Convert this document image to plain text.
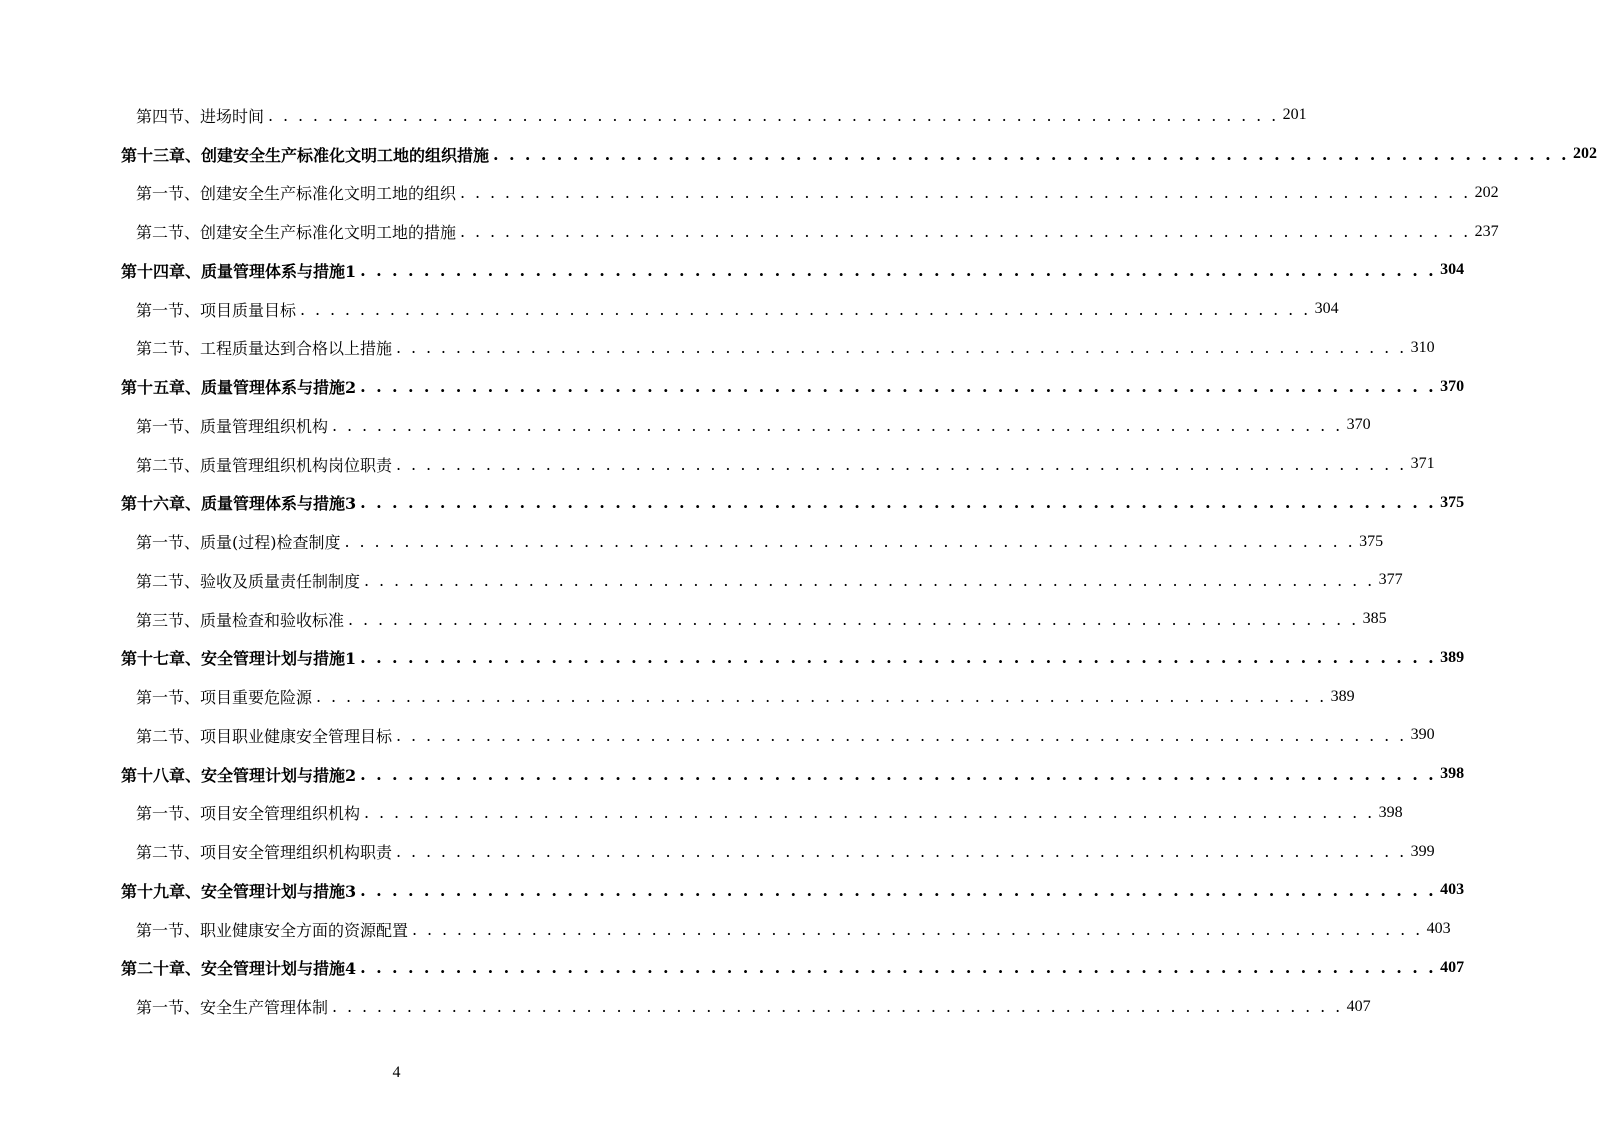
第四节、进场时间 . . . . . . . . . . . . . . . . . . . . . . . . . . . . . . . . . . . . . . . . . . . . . . . . . . . . . . . . . . . . . . . . . . . . 201
第十三章、创建安全生产标准化文明工地的组织措施 . . . . . . . . . . . . . . . . . . . . . . . . . . . . . . . . . . . . . . . . . . . . . . . . . . . . . . . . . . . . . . . . . . . . 202
第一节、创建安全生产标准化文明工地的组织 . . . . . . . . . . . . . . . . . . . . . . . . . . . . . . . . . . . . . . . . . . . . . . . . . . . . . . . . . . . . . . . . . . . . 202
第二节、创建安全生产标准化文明工地的措施 . . . . . . . . . . . . . . . . . . . . . . . . . . . . . . . . . . . . . . . . . . . . . . . . . . . . . . . . . . . . . . . . . . . . 237
第十四章、质量管理体系与措施1 . . . . . . . . . . . . . . . . . . . . . . . . . . . . . . . . . . . . . . . . . . . . . . . . . . . . . . . . . . . . . . . . . . . . 304
第一节、项目质量目标 . . . . . . . . . . . . . . . . . . . . . . . . . . . . . . . . . . . . . . . . . . . . . . . . . . . . . . . . . . . . . . . . . . . . 304
第二节、工程质量达到合格以上措施 . . . . . . . . . . . . . . . . . . . . . . . . . . . . . . . . . . . . . . . . . . . . . . . . . . . . . . . . . . . . . . . . . . . . 310
第十五章、质量管理体系与措施2 . . . . . . . . . . . . . . . . . . . . . . . . . . . . . . . . . . . . . . . . . . . . . . . . . . . . . . . . . . . . . . . . . . . . 370
第一节、质量管理组织机构 . . . . . . . . . . . . . . . . . . . . . . . . . . . . . . . . . . . . . . . . . . . . . . . . . . . . . . . . . . . . . . . . . . . . 370
第二节、质量管理组织机构岗位职责 . . . . . . . . . . . . . . . . . . . . . . . . . . . . . . . . . . . . . . . . . . . . . . . . . . . . . . . . . . . . . . . . . . . . 371
第十六章、质量管理体系与措施3 . . . . . . . . . . . . . . . . . . . . . . . . . . . . . . . . . . . . . . . . . . . . . . . . . . . . . . . . . . . . . . . . . . . . 375
第一节、质量(过程)检查制度 . . . . . . . . . . . . . . . . . . . . . . . . . . . . . . . . . . . . . . . . . . . . . . . . . . . . . . . . . . . . . . . . . . . . 375
第二节、验收及质量责任制制度 . . . . . . . . . . . . . . . . . . . . . . . . . . . . . . . . . . . . . . . . . . . . . . . . . . . . . . . . . . . . . . . . . . . . 377
第三节、质量检查和验收标准 . . . . . . . . . . . . . . . . . . . . . . . . . . . . . . . . . . . . . . . . . . . . . . . . . . . . . . . . . . . . . . . . . . . . 385
第十七章、安全管理计划与措施1 . . . . . . . . . . . . . . . . . . . . . . . . . . . . . . . . . . . . . . . . . . . . . . . . . . . . . . . . . . . . . . . . . . . . 389
第一节、项目重要危险源 . . . . . . . . . . . . . . . . . . . . . . . . . . . . . . . . . . . . . . . . . . . . . . . . . . . . . . . . . . . . . . . . . . . . 389
第二节、项目职业健康安全管理目标 . . . . . . . . . . . . . . . . . . . . . . . . . . . . . . . . . . . . . . . . . . . . . . . . . . . . . . . . . . . . . . . . . . . . 390
第十八章、安全管理计划与措施2 . . . . . . . . . . . . . . . . . . . . . . . . . . . . . . . . . . . . . . . . . . . . . . . . . . . . . . . . . . . . . . . . . . . . 398
第一节、项目安全管理组织机构 . . . . . . . . . . . . . . . . . . . . . . . . . . . . . . . . . . . . . . . . . . . . . . . . . . . . . . . . . . . . . . . . . . . . 398
第二节、项目安全管理组织机构职责 . . . . . . . . . . . . . . . . . . . . . . . . . . . . . . . . . . . . . . . . . . . . . . . . . . . . . . . . . . . . . . . . . . . . 399
第十九章、安全管理计划与措施3 . . . . . . . . . . . . . . . . . . . . . . . . . . . . . . . . . . . . . . . . . . . . . . . . . . . . . . . . . . . . . . . . . . . . 403
第一节、职业健康安全方面的资源配置 . . . . . . . . . . . . . . . . . . . . . . . . . . . . . . . . . . . . . . . . . . . . . . . . . . . . . . . . . . . . . . . . . . . . 403
第二十章、安全管理计划与措施4 . . . . . . . . . . . . . . . . . . . . . . . . . . . . . . . . . . . . . . . . . . . . . . . . . . . . . . . . . . . . . . . . . . . . 407
第一节、安全生产管理体制 . . . . . . . . . . . . . . . . . . . . . . . . . . . . . . . . . . . . . . . . . . . . . . . . . . . . . . . . . . . . . . . . . . . . 407
4
